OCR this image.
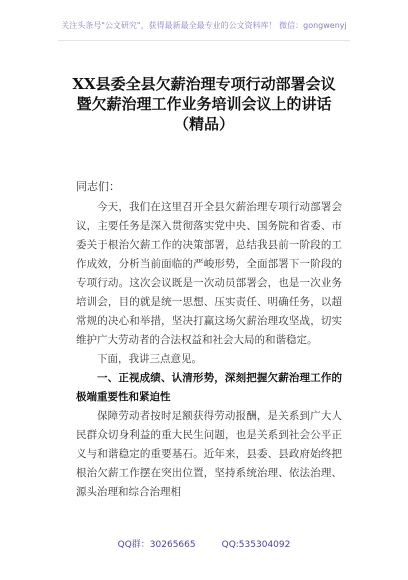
关注头条号"公文研究"，获得最新最全最专业的公文资料库！ 微信：gongwenyj
XX县委全县欠薪治理专项行动部署会议
暨欠薪治理工作业务培训会议上的讲话
（精品）
同志们：

今天，我们在这里召开全县欠薪治理专项行动部署会议，主要任务是深入贯彻落实党中央、国务院和省委、市委关于根治欠薪工作的决策部署，总结我县前一阶段的工作成效，分析当前面临的严峻形势，全面部署下一阶段的专项行动。这次会议既是一次动员部署会，也是一次业务培训会，目的就是统一思想、压实责任、明确任务，以超常规的决心和举措，坚决打赢这场欠薪治理攻坚战，切实维护广大劳动者的合法权益和社会大局的和谐稳定。

下面，我讲三点意见。

一、正视成绩、认清形势，深刻把握欠薪治理工作的极端重要性和紧迫性

保障劳动者按时足额获得劳动报酬，是关系到广大人民群众切身利益的重大民生问题，也是关系到社会公平正义与和谐稳定的重要基石。近年来，县委、县政府始终把根治欠薪工作摆在突出位置，坚持系统治理、依法治理、源头治理和综合治理相

QQ群：30265665	QQ:535304092
